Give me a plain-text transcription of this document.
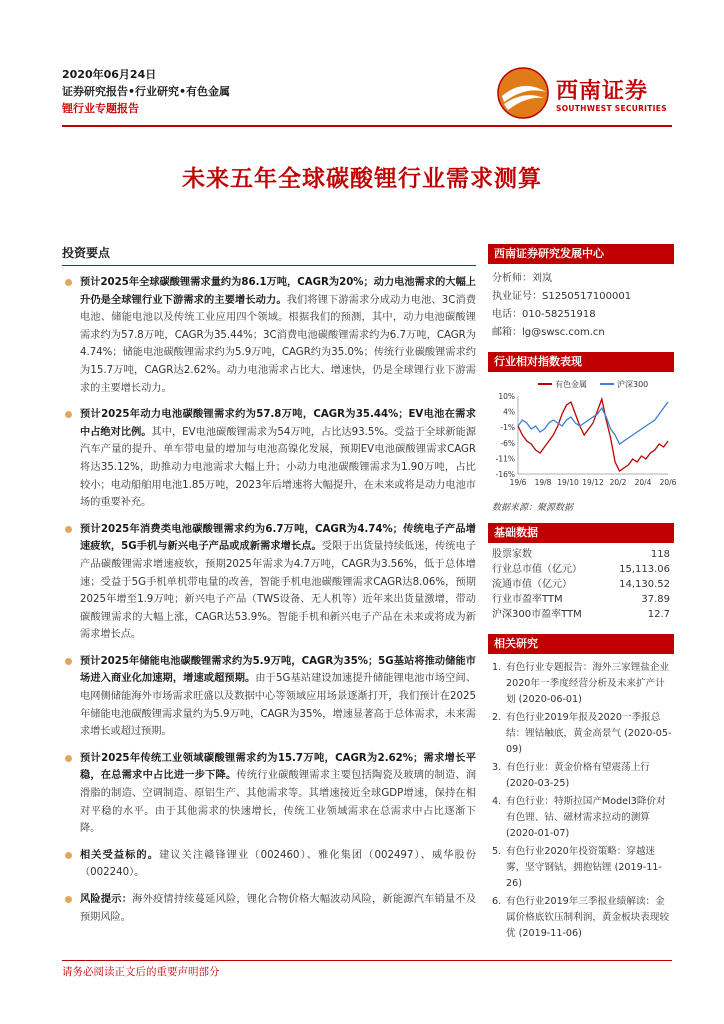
2020年06月24日
证券研究报告•行业研究•有色金属
锂行业专题报告
西南证券
SOUTHWEST SECURITIES
未来五年全球碳酸锂行业需求测算
投资要点
预计2025年全球碳酸锂需求量约为86.1万吨，CAGR为20%；动力电池需求的大幅上升仍是全球锂行业下游需求的主要增长动力。我们将锂下游需求分成动力电池、3C消费电池、储能电池以及传统工业应用四个领域。根据我们的预测，其中，动力电池碳酸锂需求约为57.8万吨，CAGR为35.44%；3C消费电池碳酸锂需求约为6.7万吨，CAGR为4.74%；储能电池碳酸锂需求约为5.9万吨，CAGR约为35.0%；传统行业碳酸锂需求约为15.7万吨，CAGR达2.62%。动力电池需求占比大、增速快，仍是全球锂行业下游需求的主要增长动力。
预计2025年动力电池碳酸锂需求约为57.8万吨，CAGR为35.44%；EV电池在需求中占绝对比例。其中，EV电池碳酸锂需求为54万吨，占比达93.5%。受益于全球新能源汽车产量的提升、单车带电量的增加与电池高镍化发展，预期EV电池碳酸锂需求CAGR将达35.12%，助推动力电池需求大幅上升；小动力电池碳酸锂需求为1.90万吨，占比较小；电动船舶用电池1.85万吨，2023年后增速将大幅提升，在未来或将是动力电池市场的重要补充。
预计2025年消费类电池碳酸锂需求约为6.7万吨，CAGR为4.74%；传统电子产品增速疲软，5G手机与新兴电子产品或成新需求增长点。受限于出货量持续低迷，传统电子产品碳酸锂需求增速疲软，预期2025年需求为4.7万吨，CAGR为3.56%，低于总体增速；受益于5G手机单机带电量的改善，智能手机电池碳酸锂需求CAGR达8.06%，预期2025年增至1.9万吨；新兴电子产品（TWS设备、无人机等）近年来出货量激增，带动碳酸锂需求的大幅上涨，CAGR达53.9%。智能手机和新兴电子产品在未来或将成为新需求增长点。
预计2025年储能电池碳酸锂需求约为5.9万吨，CAGR为35%；5G基站将推动储能市场进入商业化加速期，增速或超预期。由于5G基站建设加速提升储能锂电池市场空间、电网侧储能海外市场需求旺盛以及数据中心等领域应用场景逐渐打开，我们预计在2025年储能电池碳酸锂需求量约为5.9万吨，CAGR为35%，增速显著高于总体需求，未来需求增长或超过预期。
预计2025年传统工业领域碳酸锂需求约为15.7万吨，CAGR为2.62%；需求增长平稳，在总需求中占比进一步下降。传统行业碳酸锂需求主要包括陶瓷及玻璃的制造、润滑脂的制造、空调制造、原铝生产、其他需求等。其增速接近全球GDP增速，保持在相对平稳的水平。由于其他需求的快速增长，传统工业领域需求在总需求中占比逐渐下降。
相关受益标的。建议关注赣锋锂业（002460）、雅化集团（002497）、威华股份（002240）。
风险提示：海外疫情持续蔓延风险，锂化合物价格大幅波动风险，新能源汽车销量不及预期风险。
西南证券研究发展中心
分析师：刘岚
执业证号：S1250517100001
电话：010-58251918
邮箱：lg@swsc.com.cn
行业相对指数表现
有色金属	沪深300
10%
4%
-1%
-6%
-11%
-16%
19/6 19/8 19/10 19/12 20/2 20/4 20/6
数据来源：聚源数据
基础数据
股票家数	118
行业总市值（亿元）	15,113.06
流通市值（亿元）	14,130.52
行业市盈率TTM	37.89
沪深300市盈率TTM	12.7
相关研究
1. 有色行业专题报告：海外三家锂盐企业2020年一季度经营分析及未来扩产计划 (2020-06-01)
2. 有色行业2019年报及2020一季报总结：锂钴触底，黄金高景气 (2020-05-09)
3. 有色行业：黄金价格有望震荡上行 (2020-03-25)
4. 有色行业：特斯拉国产Model3降价对有色锂、钴、磁材需求拉动的测算 (2020-01-07)
5. 有色行业2020年投资策略：穿越迷雾，坚守钢钴，拥抱钻锂 (2019-11-26)
6. 有色行业2019年三季报业绩解读：金属价格底钦压制利润，黄金板块表现较优 (2019-11-06)
请务必阅读正文后的重要声明部分
